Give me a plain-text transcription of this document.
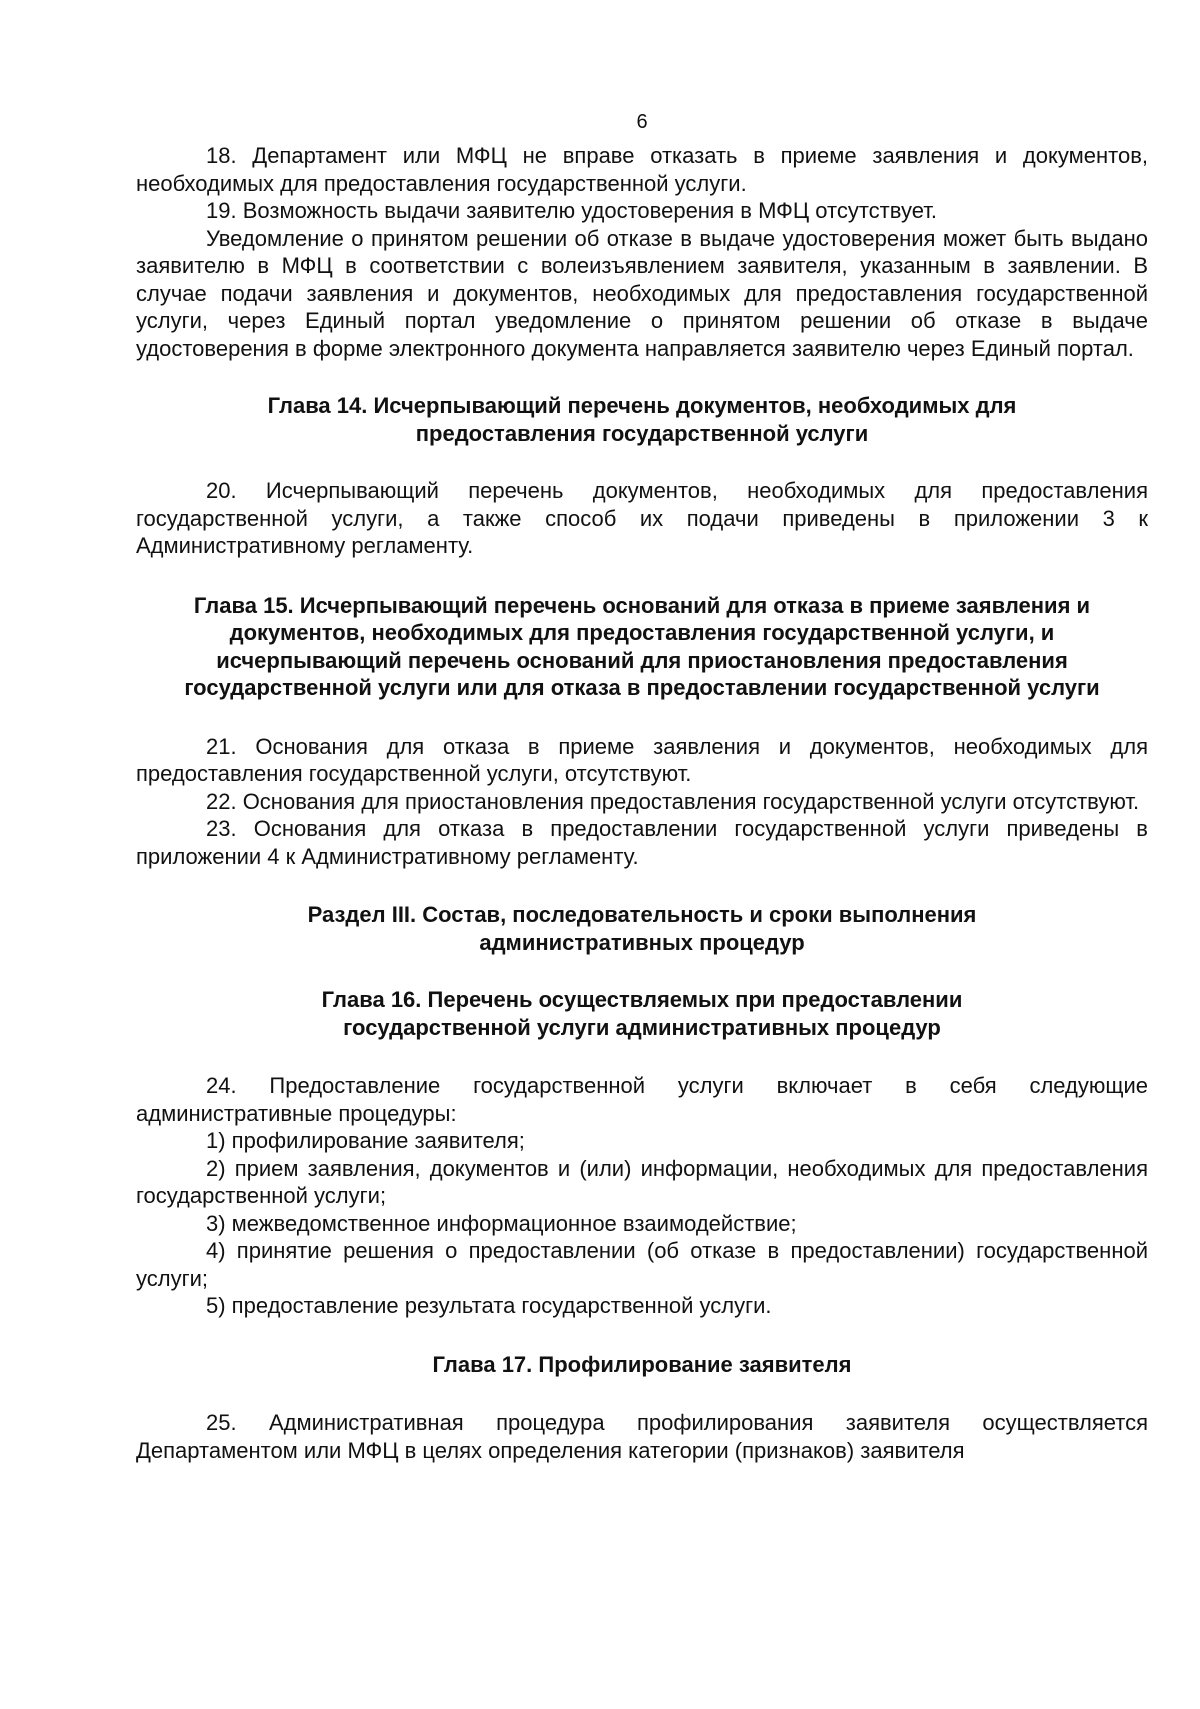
6

18. Департамент или МФЦ не вправе отказать в приеме заявления и документов, необходимых для предоставления государственной услуги.

19. Возможность выдачи заявителю удостоверения в МФЦ отсутствует.

Уведомление о принятом решении об отказе в выдаче удостоверения может быть выдано заявителю в МФЦ в соответствии с волеизъявлением заявителя, указанным в заявлении. В случае подачи заявления и документов, необходимых для предоставления государственной услуги, через Единый портал уведомление о принятом решении об отказе в выдаче удостоверения в форме электронного документа направляется заявителю через Единый портал.

Глава 14. Исчерпывающий перечень документов, необходимых для предоставления государственной услуги

20. Исчерпывающий перечень документов, необходимых для предоставления государственной услуги, а также способ их подачи приведены в приложении 3 к Административному регламенту.

Глава 15. Исчерпывающий перечень оснований для отказа в приеме заявления и документов, необходимых для предоставления государственной услуги, и исчерпывающий перечень оснований для приостановления предоставления государственной услуги или для отказа в предоставлении государственной услуги

21. Основания для отказа в приеме заявления и документов, необходимых для предоставления государственной услуги, отсутствуют.

22. Основания для приостановления предоставления государственной услуги отсутствуют.

23. Основания для отказа в предоставлении государственной услуги приведены в приложении 4 к Административному регламенту.

Раздел III. Состав, последовательность и сроки выполнения административных процедур

Глава 16. Перечень осуществляемых при предоставлении государственной услуги административных процедур

24. Предоставление государственной услуги включает в себя следующие административные процедуры:

1) профилирование заявителя;

2) прием заявления, документов и (или) информации, необходимых для предоставления государственной услуги;

3) межведомственное информационное взаимодействие;

4) принятие решения о предоставлении (об отказе в предоставлении) государственной услуги;

5) предоставление результата государственной услуги.

Глава 17. Профилирование заявителя

25. Административная процедура профилирования заявителя осуществляется Департаментом или МФЦ в целях определения категории (признаков) заявителя
